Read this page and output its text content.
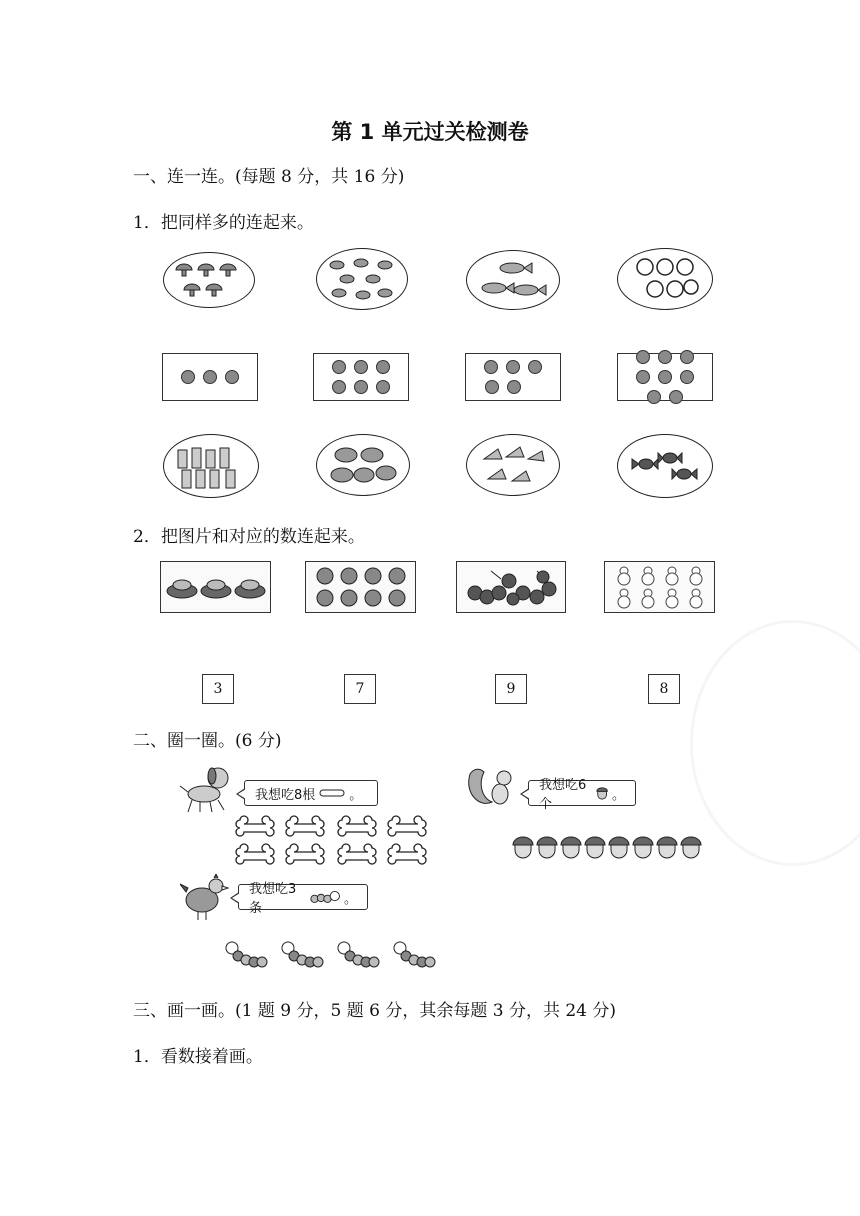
第 1 单元过关检测卷
一、连一连。(每题 8 分，共 16 分)
1．把同样多的连起来。
2．把图片和对应的数连起来。
3	7	9	8
二、圈一圈。(6 分)
我想吃8根	。
我想吃6个
。
我想吃3条
。
三、画一画。(1 题 9 分，5 题 6 分，其余每题 3 分，共 24 分)
1．看数接着画。
